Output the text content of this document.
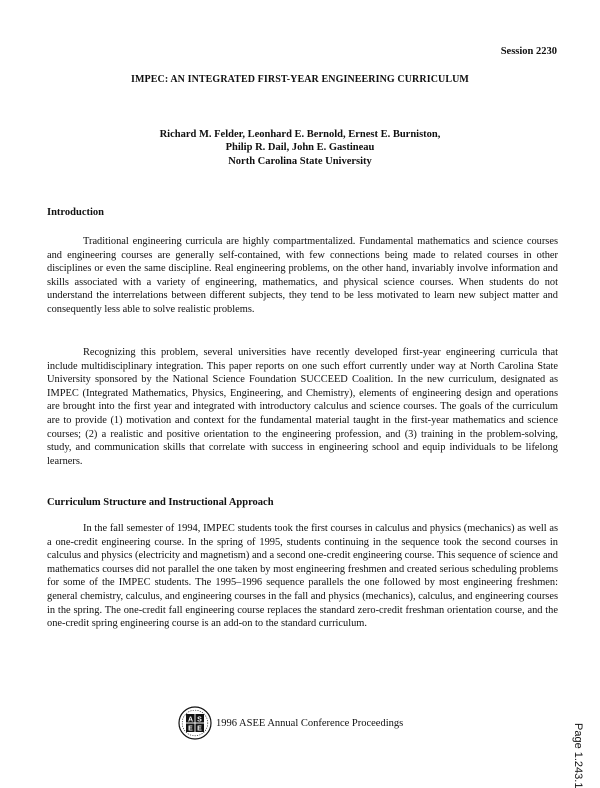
Session 2230
IMPEC: AN INTEGRATED FIRST-YEAR ENGINEERING CURRICULUM
Richard M. Felder, Leonhard E. Bernold, Ernest E. Burniston,
Philip R. Dail, John E. Gastineau
North Carolina State University
Introduction

Traditional engineering curricula are highly compartmentalized. Fundamental mathematics and science courses and engineering courses are generally self-contained, with few connections being made to related courses in other disciplines or even the same discipline. Real engineering problems, on the other hand, invariably involve information and skills associated with a variety of engineering, mathematics, and physical science courses. When students do not understand the interrelations between different subjects, they tend to be less motivated to learn new subject matter and consequently less able to solve realistic problems.

Recognizing this problem, several universities have recently developed first-year engineering curricula that include multidisciplinary integration. This paper reports on one such effort currently under way at North Carolina State University sponsored by the National Science Foundation SUCCEED Coalition. In the new curriculum, designated as IMPEC (Integrated Mathematics, Physics, Engineering, and Chemistry), elements of engineering design and operations are brought into the first year and integrated with introductory calculus and science courses. The goals of the curriculum are to provide (1) motivation and context for the fundamental material taught in the first-year mathematics and science courses; (2) a realistic and positive orientation to the engineering profession, and (3) training in the problem-solving, study, and communication skills that correlate with success in engineering school and equip individuals to be lifelong learners.

Curriculum Structure and Instructional Approach

In the fall semester of 1994, IMPEC students took the first courses in calculus and physics (mechanics) as well as a one-credit engineering course. In the spring of 1995, students continuing in the sequence took the second courses in calculus and physics (electricity and magnetism) and a second one-credit engineering course. This sequence of science and mathematics courses did not parallel the one taken by most engineering freshmen and created serious scheduling problems for some of the IMPEC students. The 1995–1996 sequence parallels the one followed by most engineering freshmen: general chemistry, calculus, and engineering courses in the fall and physics (mechanics), calculus, and engineering courses in the spring. The one-credit fall engineering course replaces the standard zero-credit freshman orientation course, and the one-credit spring engineering course is an add-on to the standard curriculum.

A S
E E
1996 ASEE Annual Conference Proceedings	Page 1.243.1
